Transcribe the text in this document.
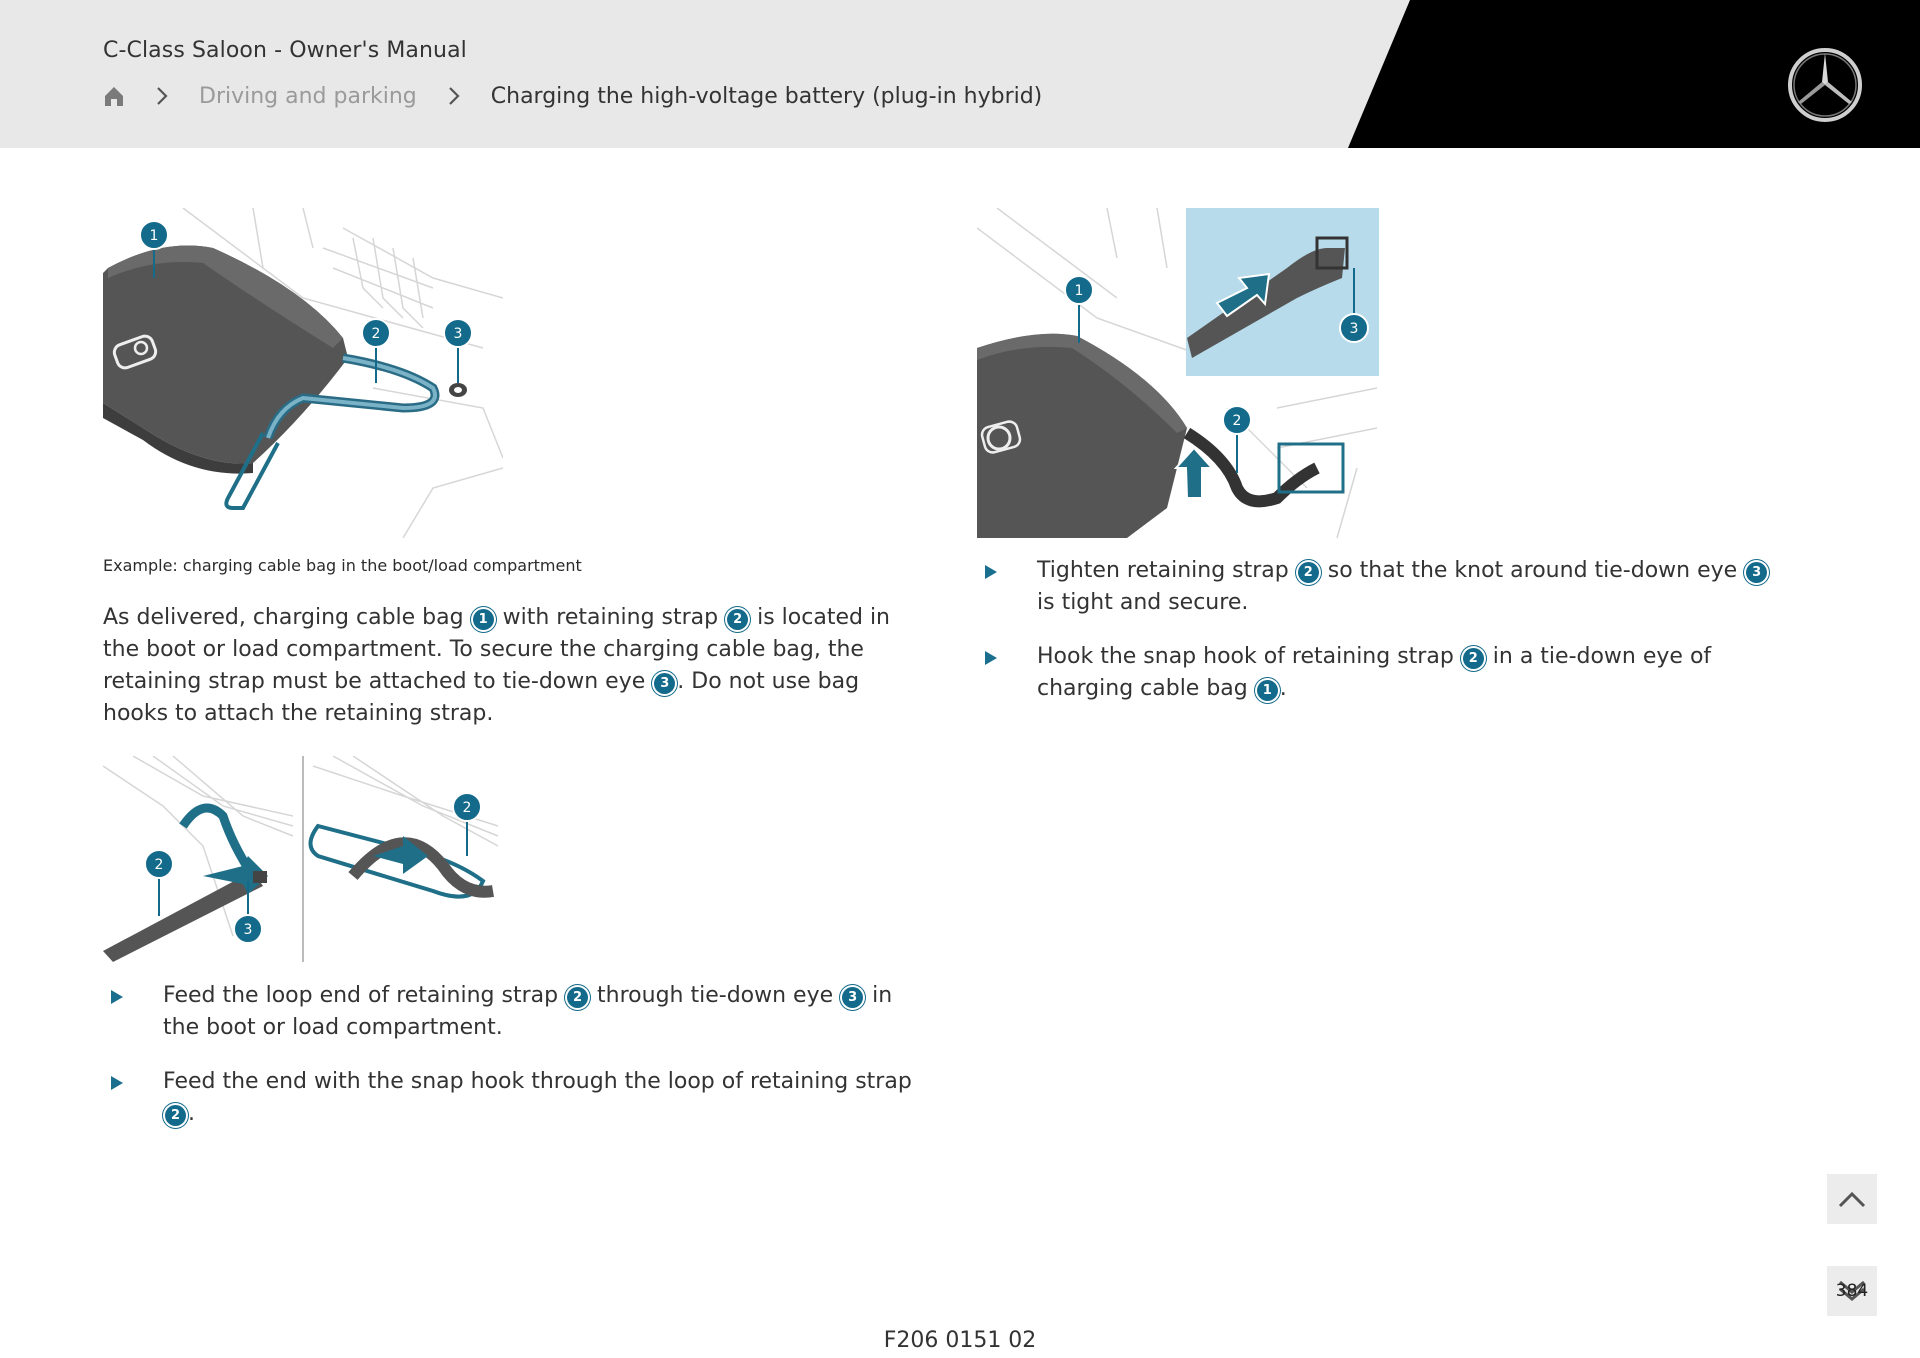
C-Class Saloon - Owner's Manual
Driving and parking	Charging the high-voltage battery (plug-in hybrid)
1
2	3
Example: charging cable bag in the boot/load compartment

As delivered, charging cable bag 1 with retaining strap 2 is located in the boot or load compartment. To secure the charging cable bag, the retaining strap must be attached to tie-down eye 3 . Do not use bag hooks to attach the retaining strap.

2
3
2
Feed the loop end of retaining strap 2 through tie-down eye 3 in the boot or load compartment.
Feed the end with the snap hook through the loop of retaining strap 2 .
1
2
3
Tighten retaining strap 2 so that the knot around tie-down eye 3 is tight and secure.
Hook the snap hook of retaining strap 2 in a tie-down eye of charging cable bag 1 .
384
F206 0151 02
